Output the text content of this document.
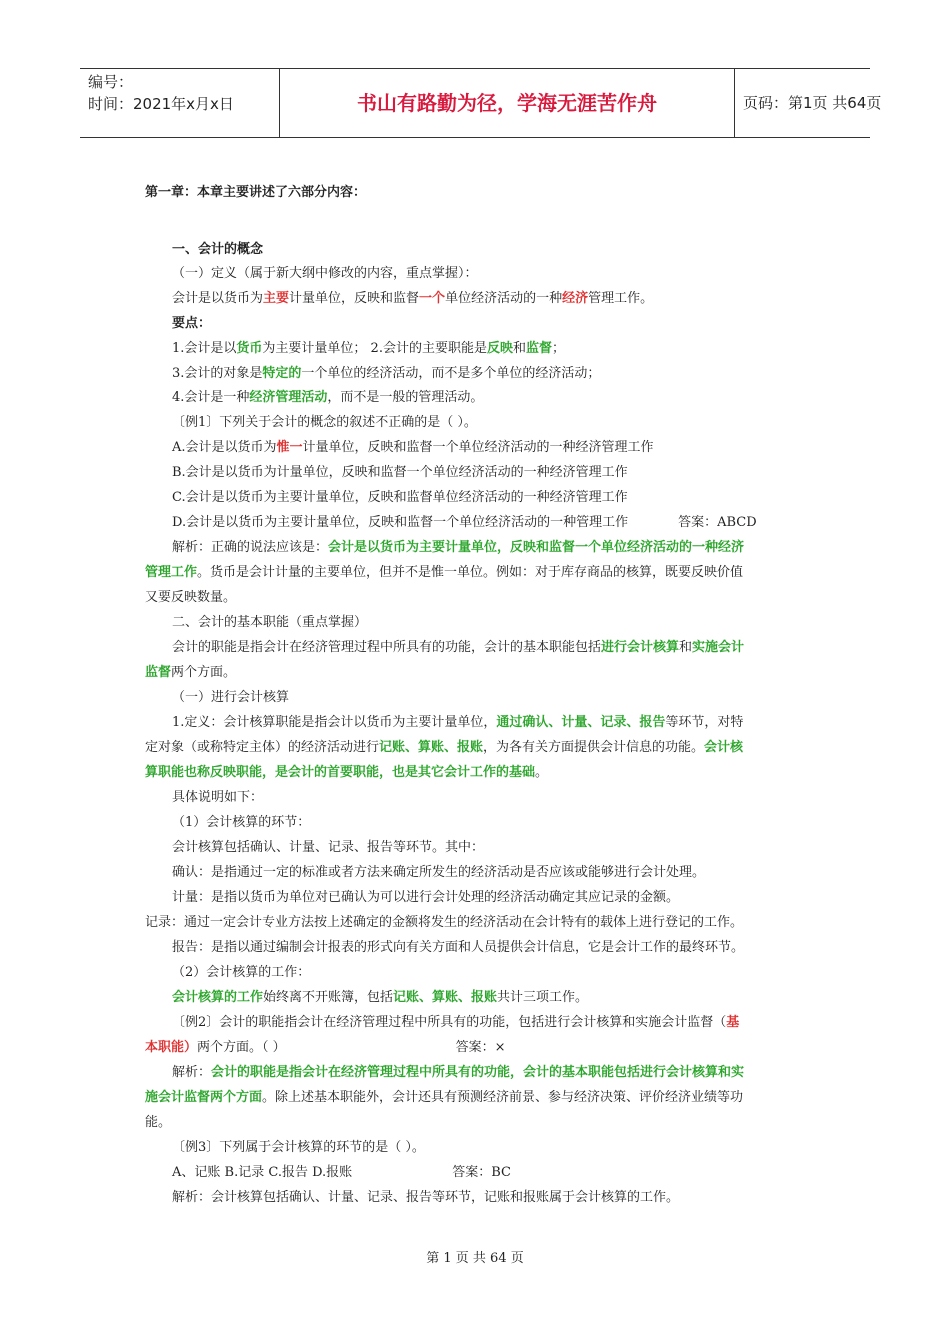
编号：
时间：2021年x月x日	书山有路勤为径，学海无涯苦作舟	页码：第1页 共64页
第一章：本章主要讲述了六部分内容：
一、会计的概念
（一）定义（属于新大纲中修改的内容，重点掌握）：
会计是以货币为主要计量单位，反映和监督一个单位经济活动的一种经济管理工作。
要点：
1.会计是以货币为主要计量单位； 2.会计的主要职能是反映和监督；
3.会计的对象是特定的一个单位的经济活动，而不是多个单位的经济活动；
4.会计是一种经济管理活动，而不是一般的管理活动。
〔例1〕下列关于会计的概念的叙述不正确的是（ ）。
A.会计是以货币为惟一计量单位，反映和监督一个单位经济活动的一种经济管理工作
B.会计是以货币为计量单位，反映和监督一个单位经济活动的一种经济管理工作
C.会计是以货币为主要计量单位，反映和监督单位经济活动的一种经济管理工作
D.会计是以货币为主要计量单位，反映和监督一个单位经济活动的一种管理工作	答案：ABCD
解析：正确的说法应该是：会计是以货币为主要计量单位，反映和监督一个单位经济活动的一种经济
管理工作。货币是会计计量的主要单位，但并不是惟一单位。例如：对于库存商品的核算，既要反映价值
又要反映数量。
二、会计的基本职能（重点掌握）
会计的职能是指会计在经济管理过程中所具有的功能，会计的基本职能包括进行会计核算和实施会计
监督两个方面。
（一）进行会计核算
1.定义：会计核算职能是指会计以货币为主要计量单位，通过确认、计量、记录、报告等环节，对特
定对象（或称特定主体）的经济活动进行记账、算账、报账，为各有关方面提供会计信息的功能。会计核
算职能也称反映职能，是会计的首要职能，也是其它会计工作的基础。
具体说明如下：
（1）会计核算的环节：
会计核算包括确认、计量、记录、报告等环节。其中：
确认：是指通过一定的标准或者方法来确定所发生的经济活动是否应该或能够进行会计处理。
计量：是指以货币为单位对已确认为可以进行会计处理的经济活动确定其应记录的金额。
记录：通过一定会计专业方法按上述确定的金额将发生的经济活动在会计特有的载体上进行登记的工作。
报告：是指以通过编制会计报表的形式向有关方面和人员提供会计信息，它是会计工作的最终环节。
（2）会计核算的工作：
会计核算的工作始终离不开账簿，包括记账、算账、报账共计三项工作。
〔例2〕会计的职能指会计在经济管理过程中所具有的功能，包括进行会计核算和实施会计监督（基
本职能）两个方面。（ ）	答案：×
解析：会计的职能是指会计在经济管理过程中所具有的功能，会计的基本职能包括进行会计核算和实
施会计监督两个方面。除上述基本职能外，会计还具有预测经济前景、参与经济决策、评价经济业绩等功
能。
〔例3〕下列属于会计核算的环节的是（ ）。
A、记账 B.记录 C.报告 D.报账	答案：BC
解析：会计核算包括确认、计量、记录、报告等环节，记账和报账属于会计核算的工作。
第 1 页 共 64 页
